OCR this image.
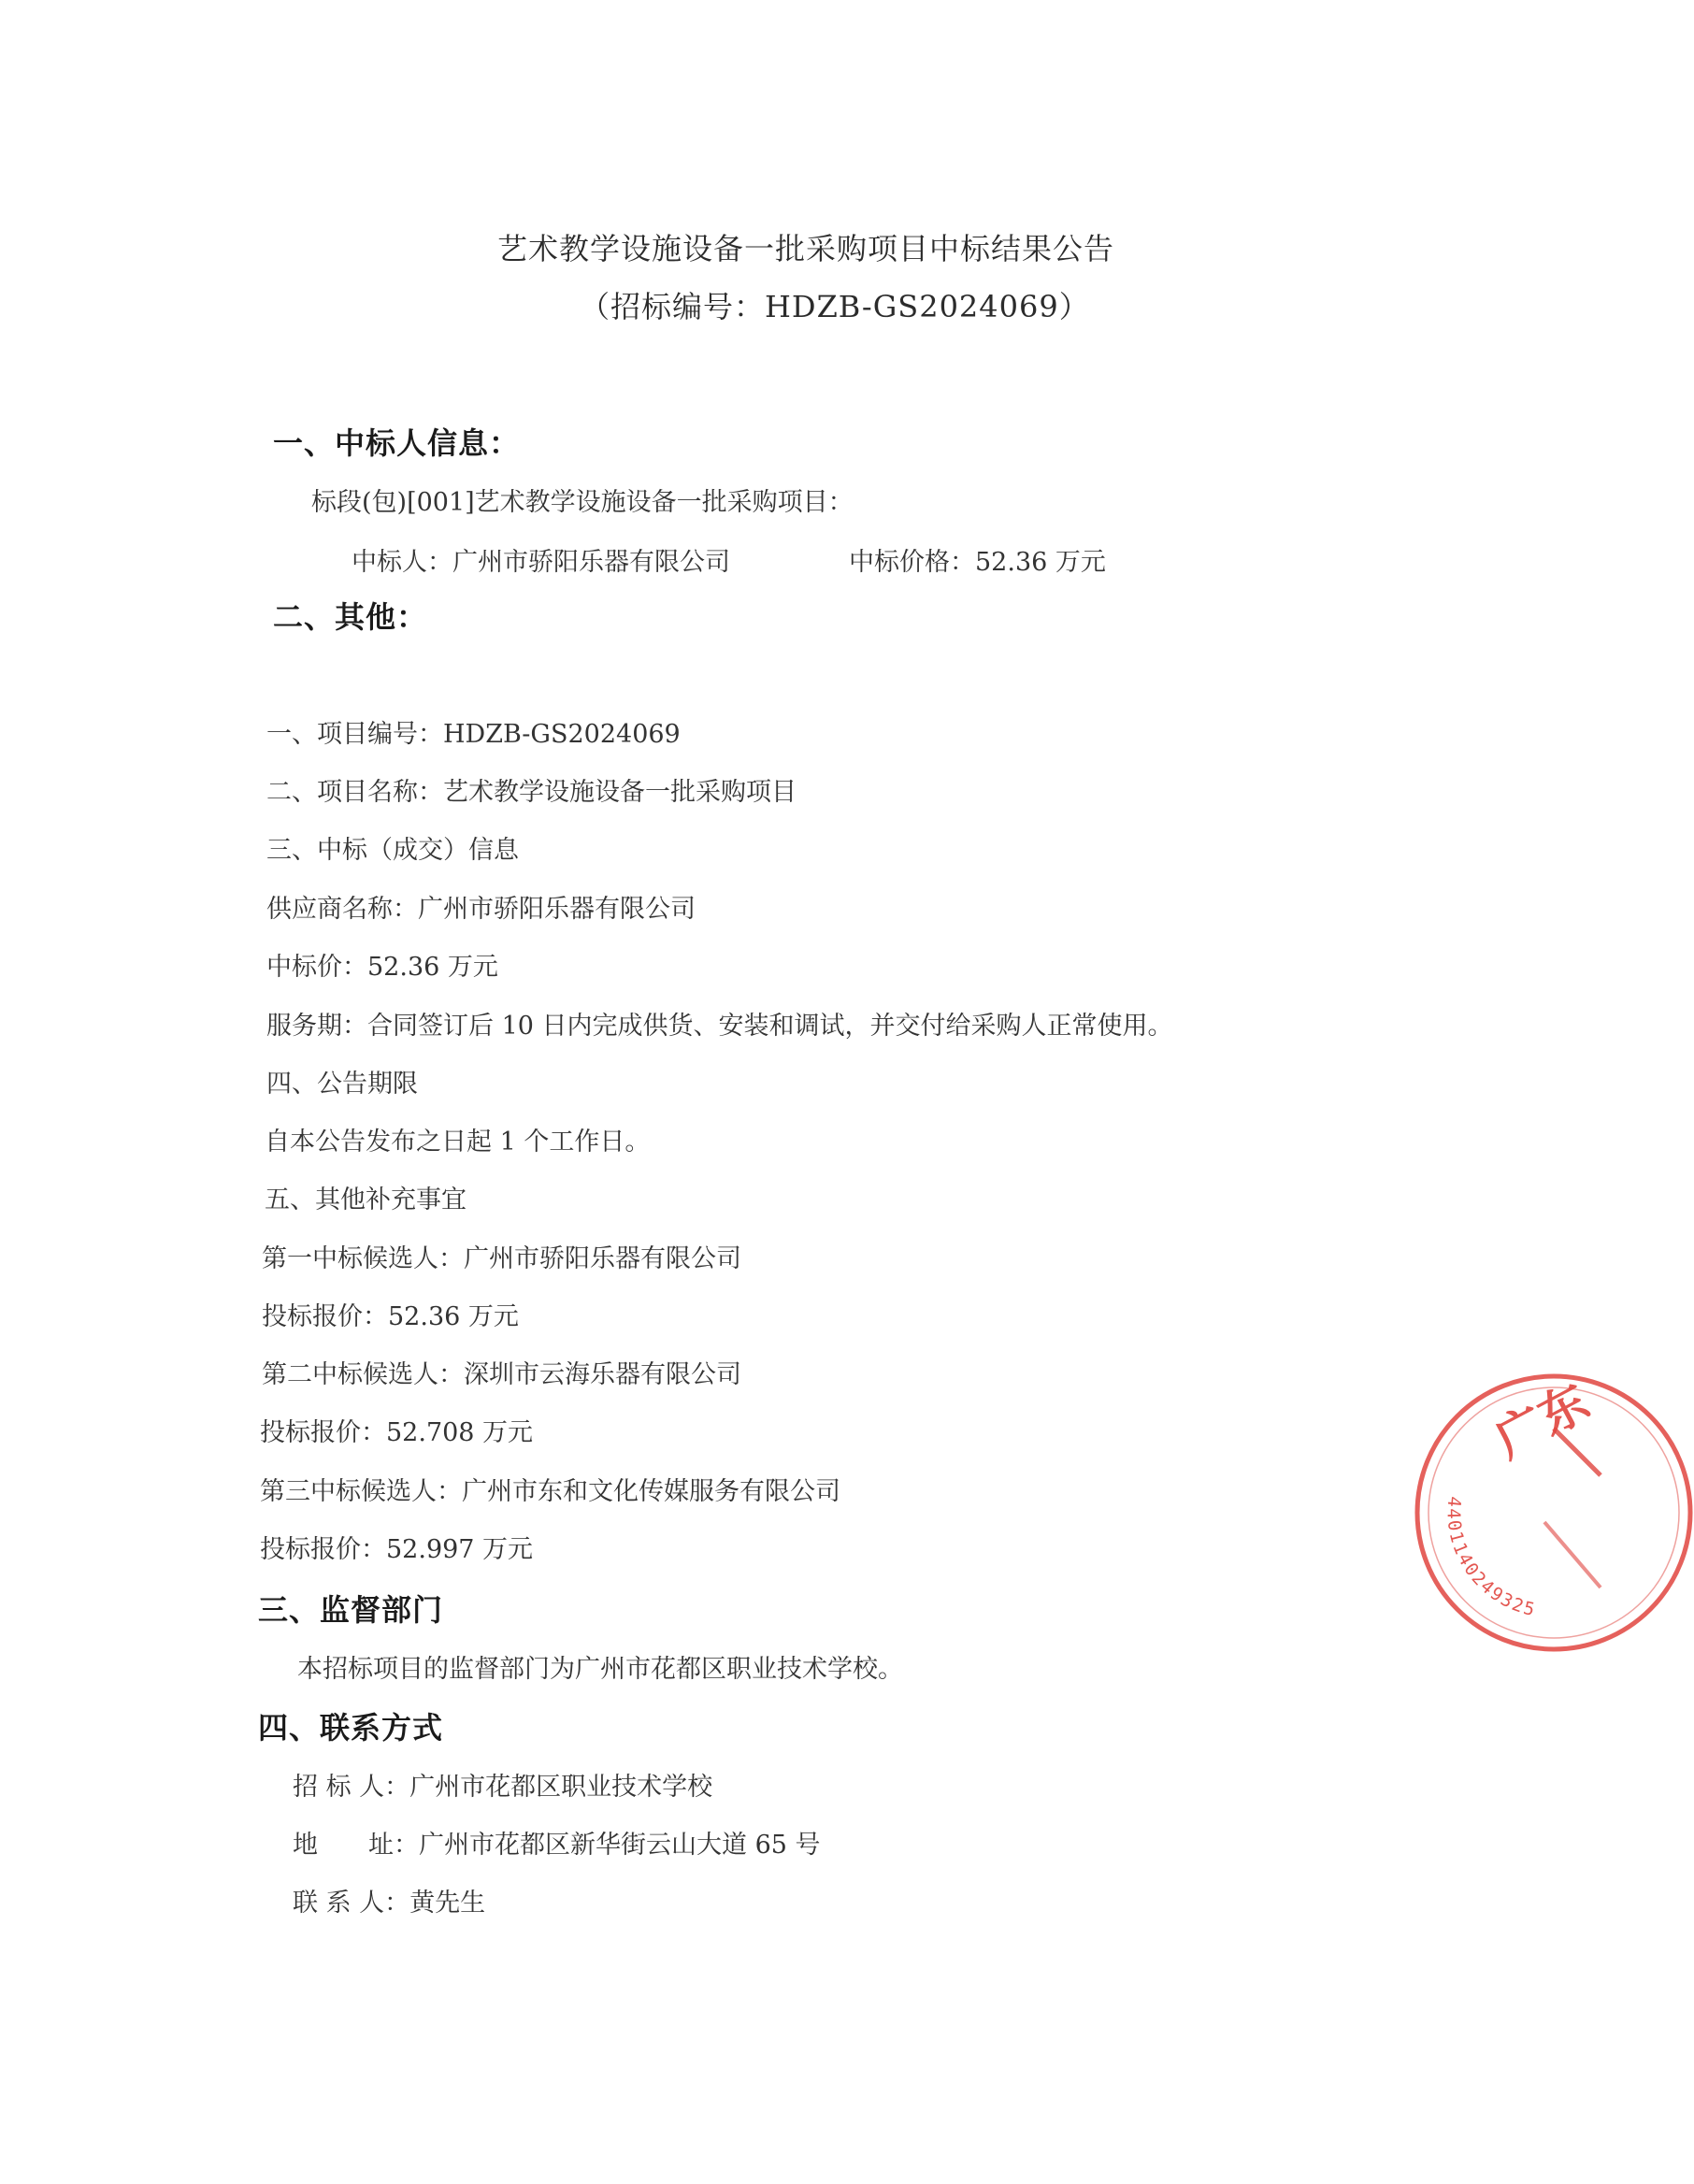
艺术教学设施设备一批采购项目中标结果公告
（招标编号：HDZB-GS2024069）
一、中标人信息：
标段(包)[001]艺术教学设施设备一批采购项目：
中标人：广州市骄阳乐器有限公司	中标价格：52.36 万元
二、其他：
一、项目编号：HDZB-GS2024069
二、项目名称：艺术教学设施设备一批采购项目
三、中标（成交）信息
供应商名称：广州市骄阳乐器有限公司
中标价：52.36 万元
服务期：合同签订后 10 日内完成供货、安装和调试，并交付给采购人正常使用。
四、公告期限
自本公告发布之日起 1 个工作日。
五、其他补充事宜
第一中标候选人：广州市骄阳乐器有限公司
投标报价：52.36 万元
第二中标候选人：深圳市云海乐器有限公司
投标报价：52.708 万元
第三中标候选人：广州市东和文化传媒服务有限公司
投标报价：52.997 万元
三、监督部门
本招标项目的监督部门为广州市花都区职业技术学校。
四、联系方式
招 标 人：广州市花都区职业技术学校
地　　址：广州市花都区新华街云山大道 65 号
联 系 人：黄先生
广东
4401140249325
